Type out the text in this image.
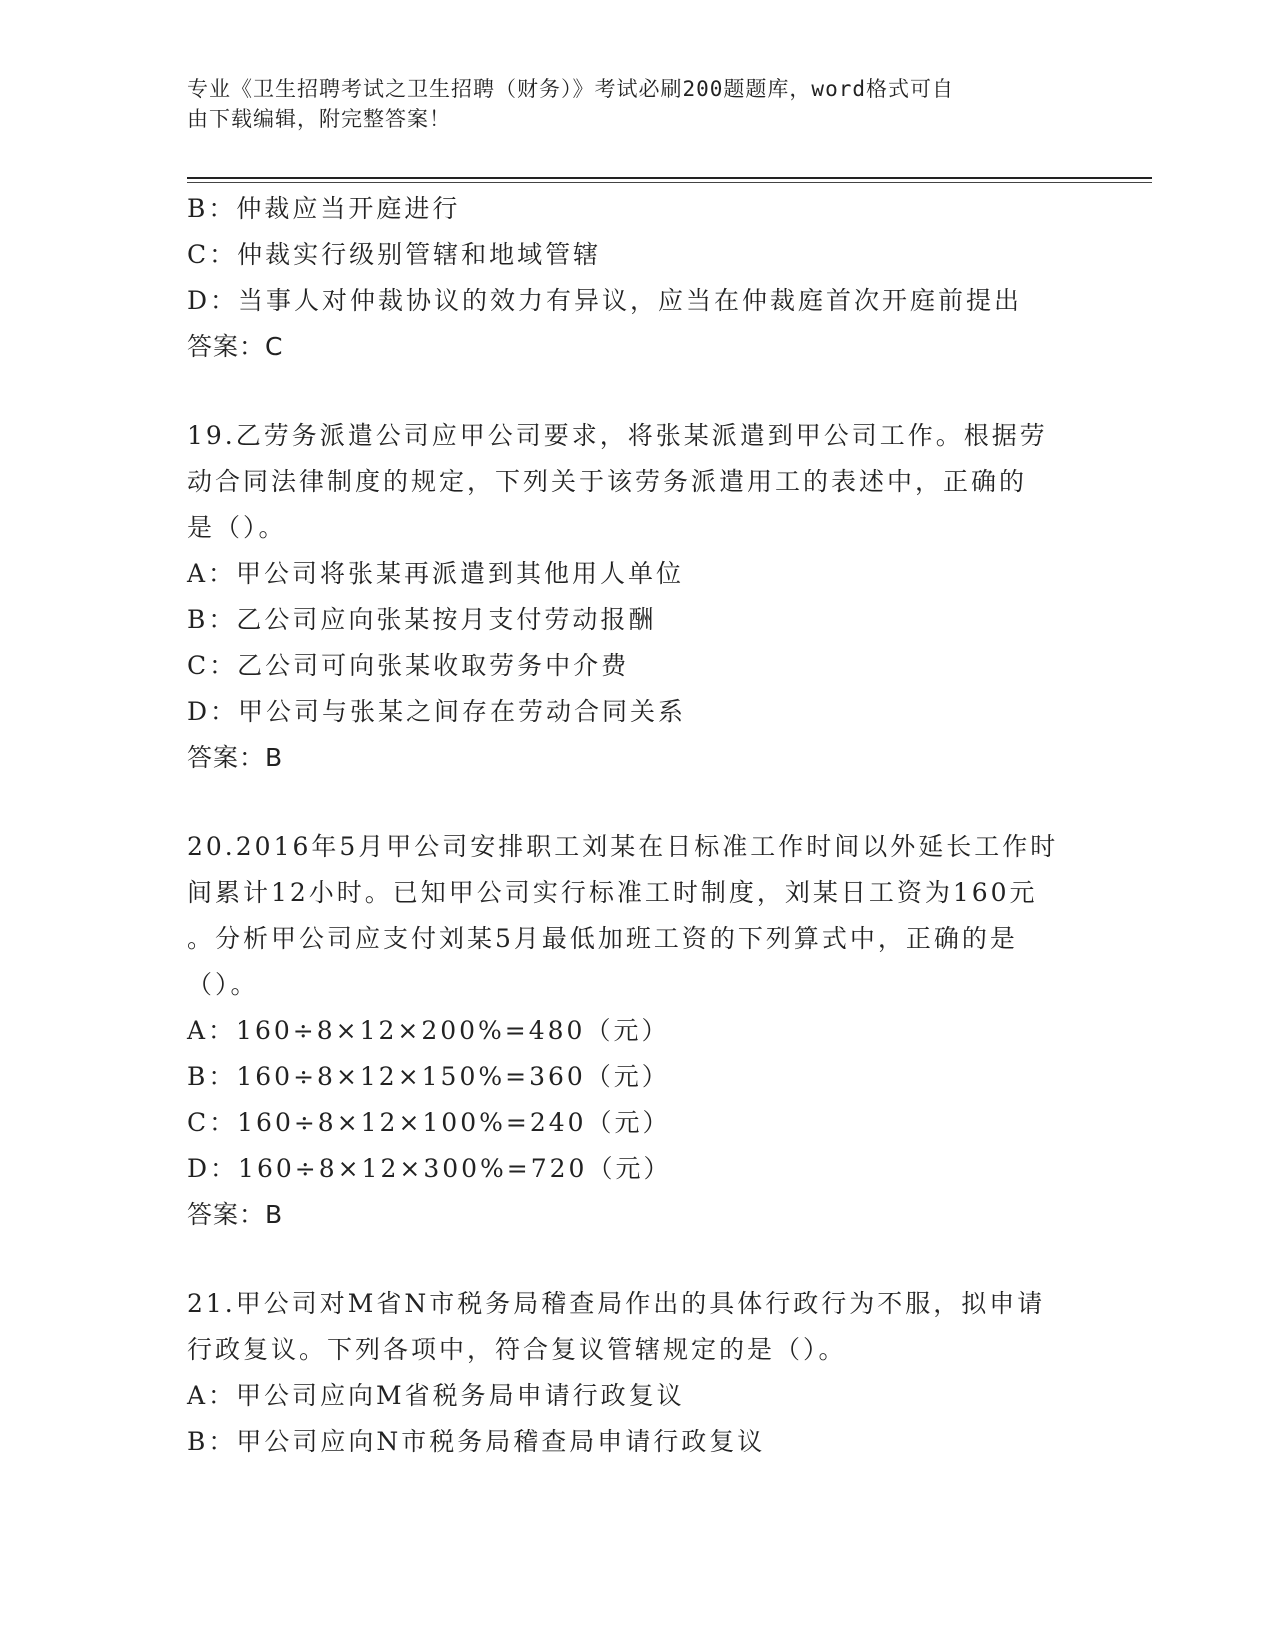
专业《卫生招聘考试之卫生招聘（财务）》考试必刷200题题库，word格式可自
由下载编辑，附完整答案！
B：仲裁应当开庭进行
C：仲裁实行级别管辖和地域管辖
D：当事人对仲裁协议的效力有异议，应当在仲裁庭首次开庭前提出
答案：C
19.乙劳务派遣公司应甲公司要求，将张某派遣到甲公司工作。根据劳
动合同法律制度的规定，下列关于该劳务派遣用工的表述中，正确的
是（）。
A：甲公司将张某再派遣到其他用人单位
B：乙公司应向张某按月支付劳动报酬
C：乙公司可向张某收取劳务中介费
D：甲公司与张某之间存在劳动合同关系
答案：B
20.2016年5月甲公司安排职工刘某在日标准工作时间以外延长工作时
间累计12小时。已知甲公司实行标准工时制度，刘某日工资为160元
。分析甲公司应支付刘某5月最低加班工资的下列算式中，正确的是
（）。
A：160÷8×12×200%=480（元）
B：160÷8×12×150%=360（元）
C：160÷8×12×100%=240（元）
D：160÷8×12×300%=720（元）
答案：B
21.甲公司对M省N市税务局稽查局作出的具体行政行为不服，拟申请
行政复议。下列各项中，符合复议管辖规定的是（）。
A：甲公司应向M省税务局申请行政复议
B：甲公司应向N市税务局稽查局申请行政复议
